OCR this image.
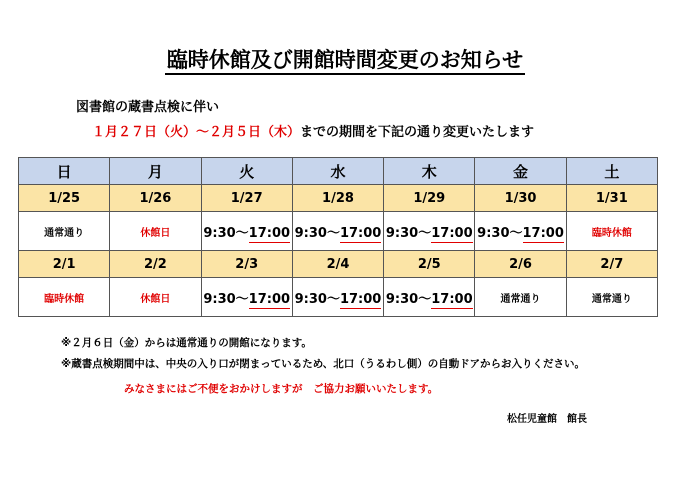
臨時休館及び開館時間変更のお知らせ
図書館の蔵書点検に伴い
１月２７日（火）～２月５日（木）までの期間を下記の通り変更いたします
日	月	火	水	木	金	土
1/25	1/26	1/27	1/28	1/29	1/30	1/31
通常通り	休館日	9:30～17:00	9:30～17:00	9:30～17:00	9:30～17:00	臨時休館
2/1	2/2	2/3	2/4	2/5	2/6	2/7
臨時休館	休館日	9:30～17:00	9:30～17:00	9:30～17:00	通常通り	通常通り
※２月６日（金）からは通常通りの開館になります。
※蔵書点検期間中は、中央の入り口が閉まっているため、北口（うるわし側）の自動ドアからお入りください。
みなさまにはご不便をおかけしますが　ご協力お願いいたします。
松任児童館　館長
